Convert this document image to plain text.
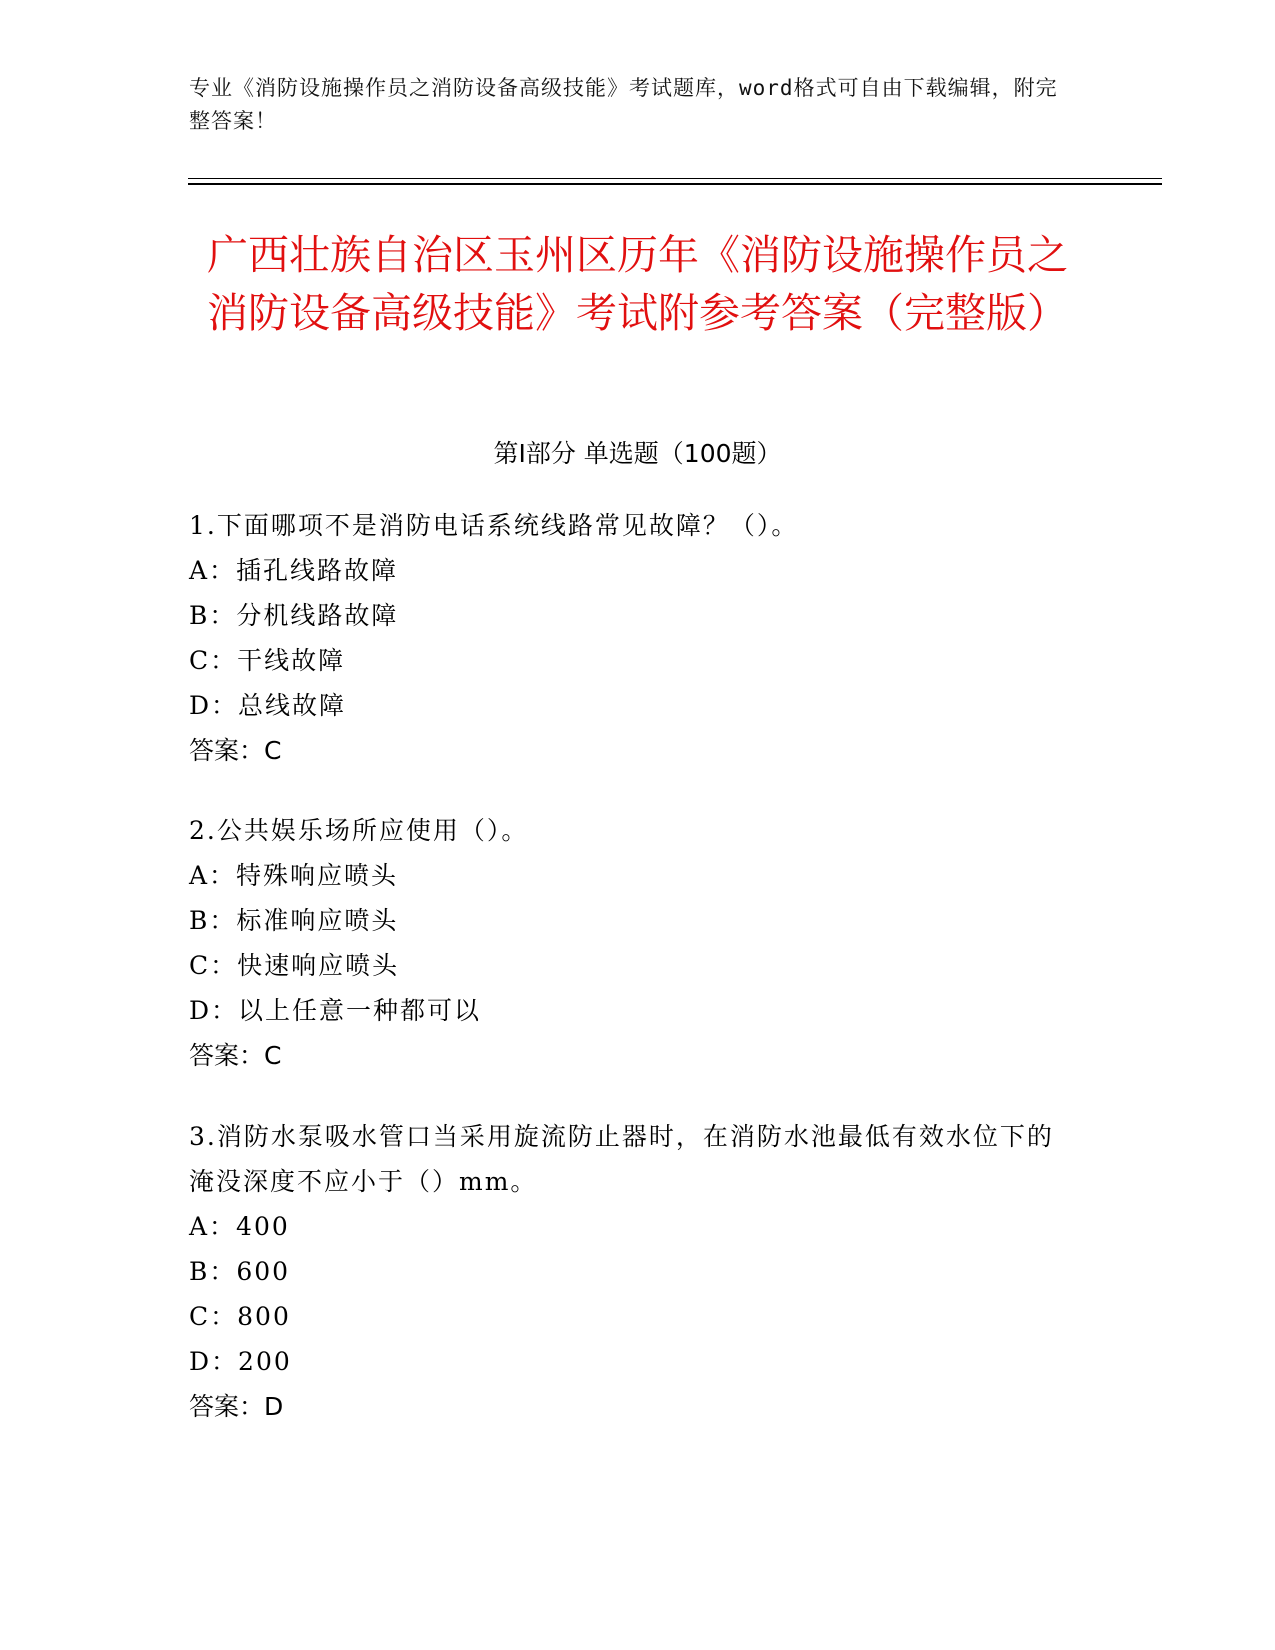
专业《消防设施操作员之消防设备高级技能》考试题库，word格式可自由下载编辑，附完整答案！
广西壮族自治区玉州区历年《消防设施操作员之消防设备高级技能》考试附参考答案（完整版）
第Ⅰ部分 单选题（100题）
1.下面哪项不是消防电话系统线路常见故障？（）。
A：插孔线路故障
B：分机线路故障
C：干线故障
D：总线故障
答案：C
2.公共娱乐场所应使用（）。
A：特殊响应喷头
B：标准响应喷头
C：快速响应喷头
D：以上任意一种都可以
答案：C
3.消防水泵吸水管口当采用旋流防止器时，在消防水池最低有效水位下的淹没深度不应小于（）mm。
A：400
B：600
C：800
D：200
答案：D
